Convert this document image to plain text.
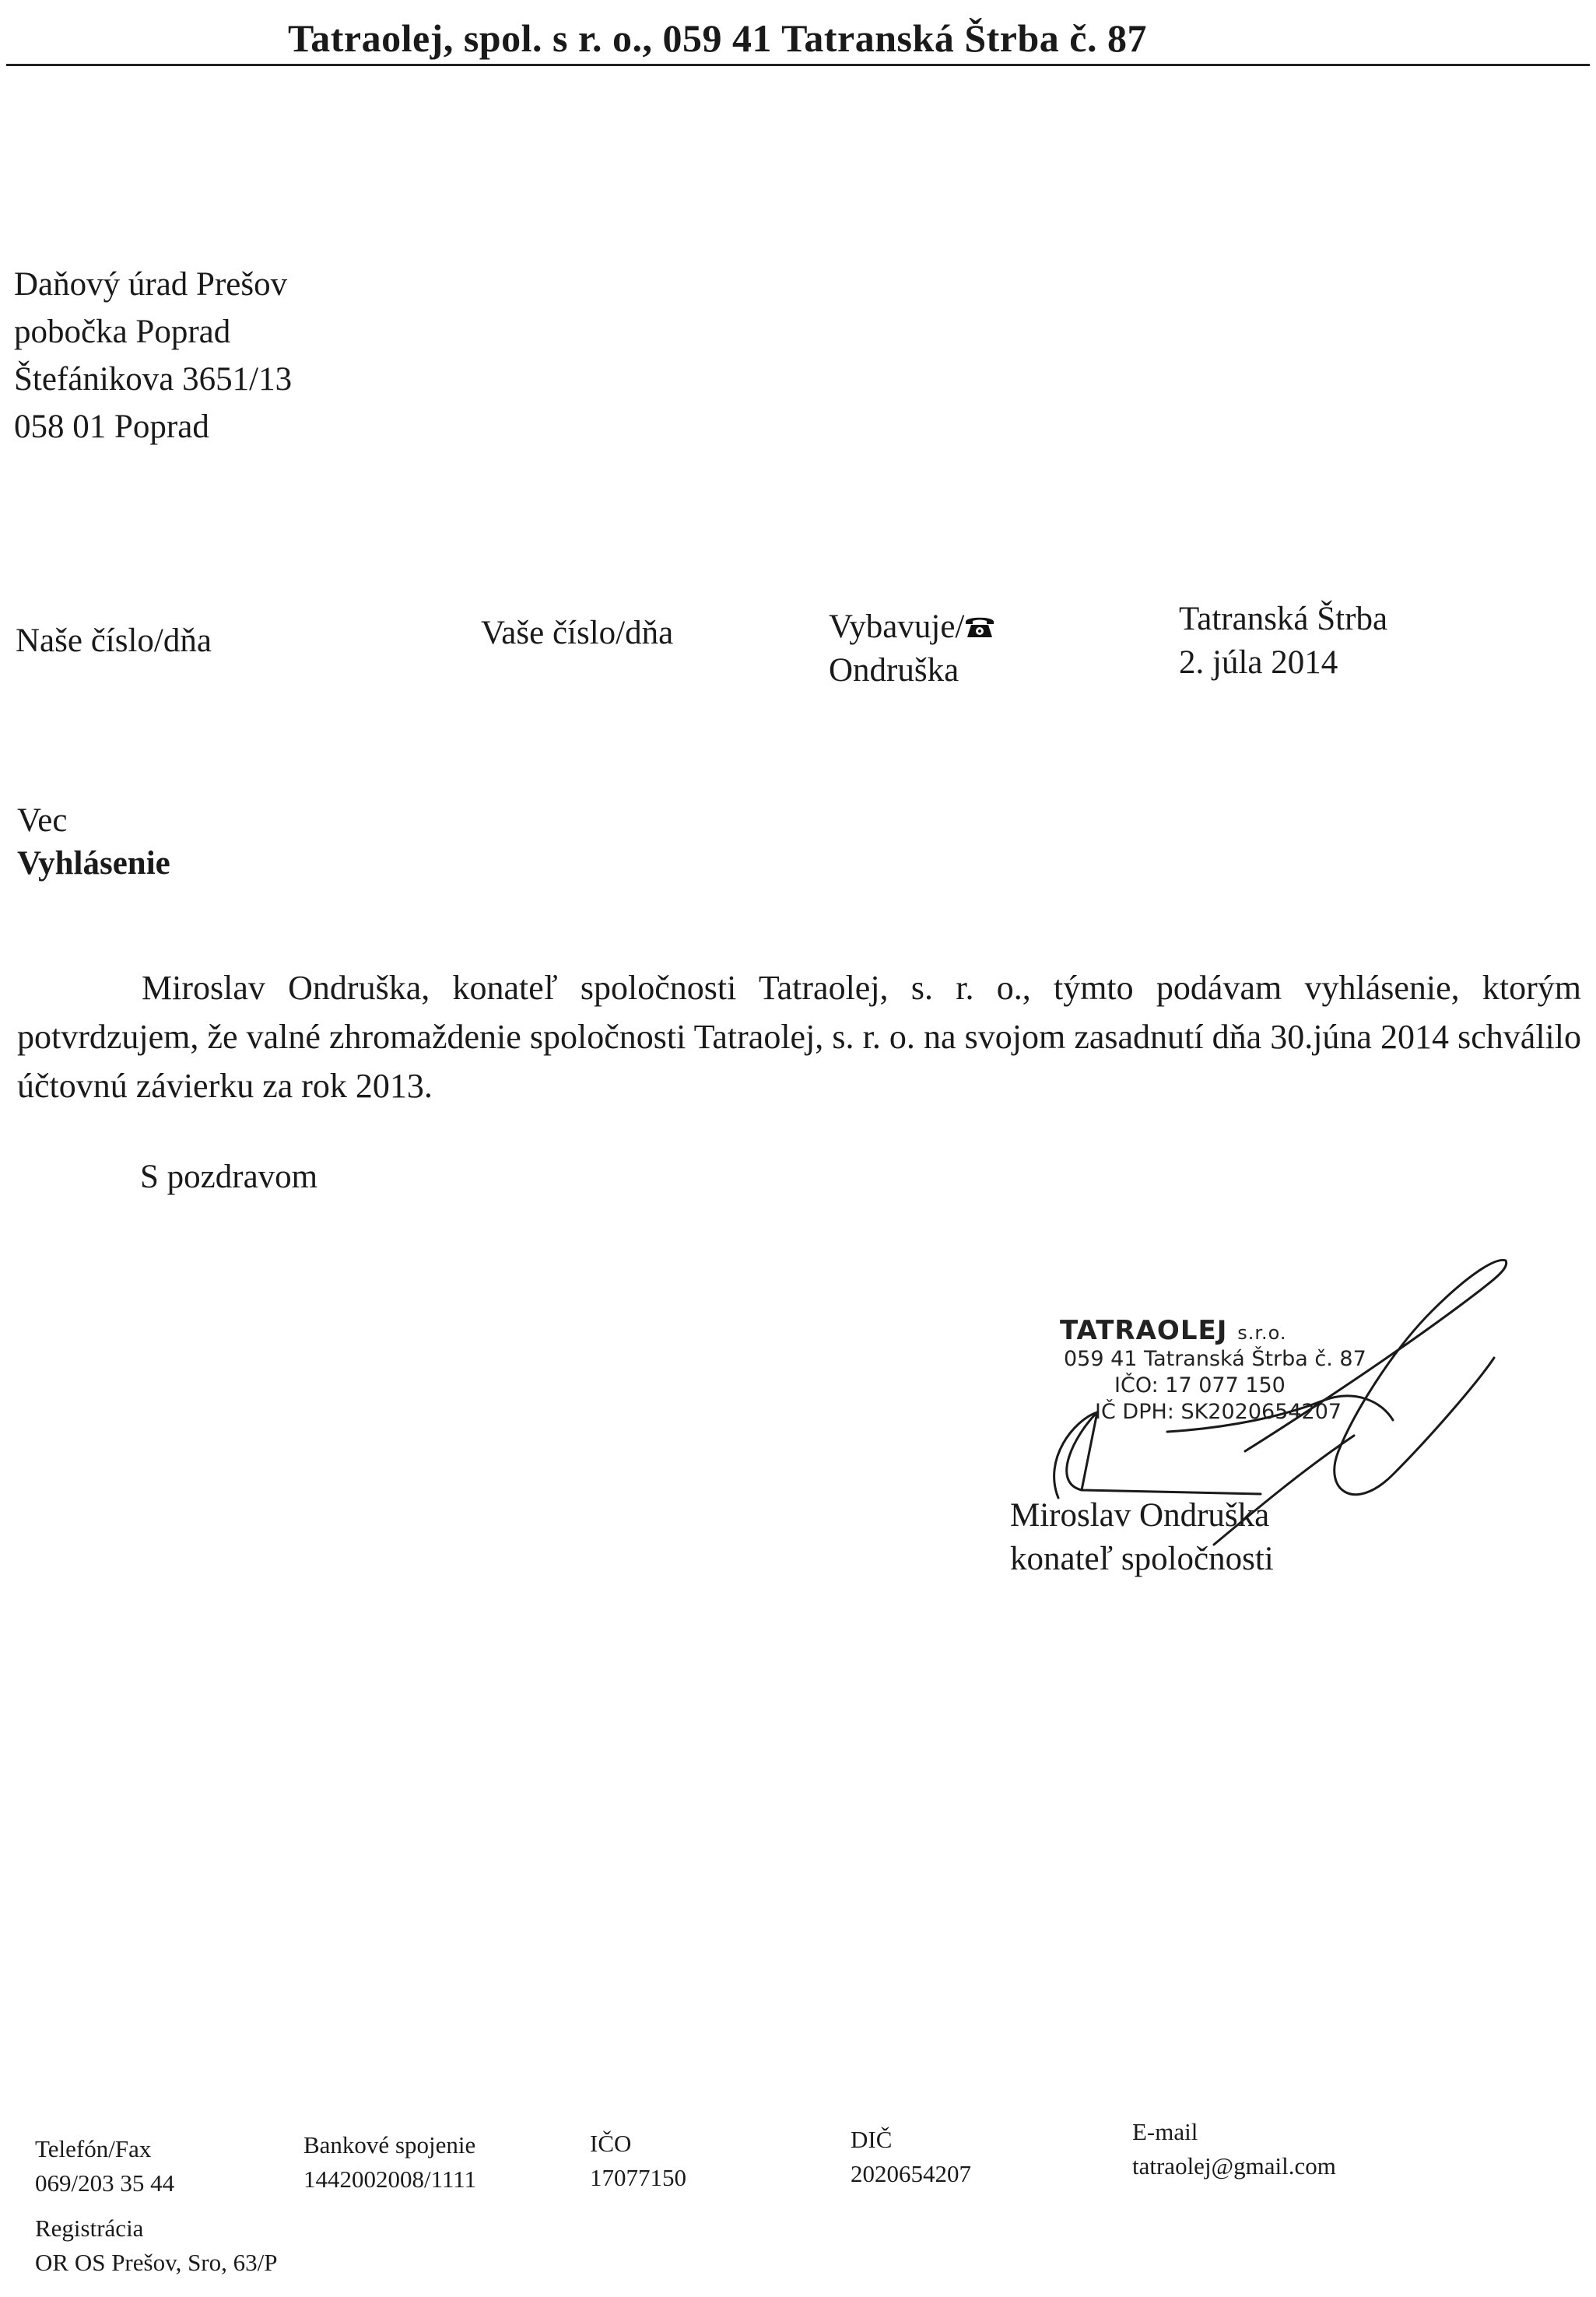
Tatraolej, spol. s r. o., 059 41 Tatranská Štrba č. 87
Daňový úrad Prešov
pobočka Poprad
Štefánikova 3651/13
058 01 Poprad
Naše číslo/dňa	Vaše číslo/dňa	Vybavuje/
Ondruška
Tatranská Štrba
2. júla 2014
Vec
Vyhlásenie

Miroslav Ondruška, konateľ spoločnosti Tatraolej, s. r. o., týmto podávam vyhlásenie, ktorým potvrdzujem, že valné zhromaždenie spoločnosti Tatraolej, s. r. o. na svojom zasadnutí dňa 30.júna 2014 schválilo účtovnú závierku za rok 2013.

S pozdravom
TATRAOLEJ s.r.o.
059 41 Tatranská Štrba č. 87
IČO: 17 077 150
IČ DPH: SK2020654207
Miroslav Ondruška
konateľ spoločnosti
Telefón/Fax
069/203 35 44
Bankové spojenie
1442002008/1111
IČO
17077150
DIČ
2020654207
E-mail
tatraolej@gmail.com
Registrácia
OR OS Prešov, Sro, 63/P
